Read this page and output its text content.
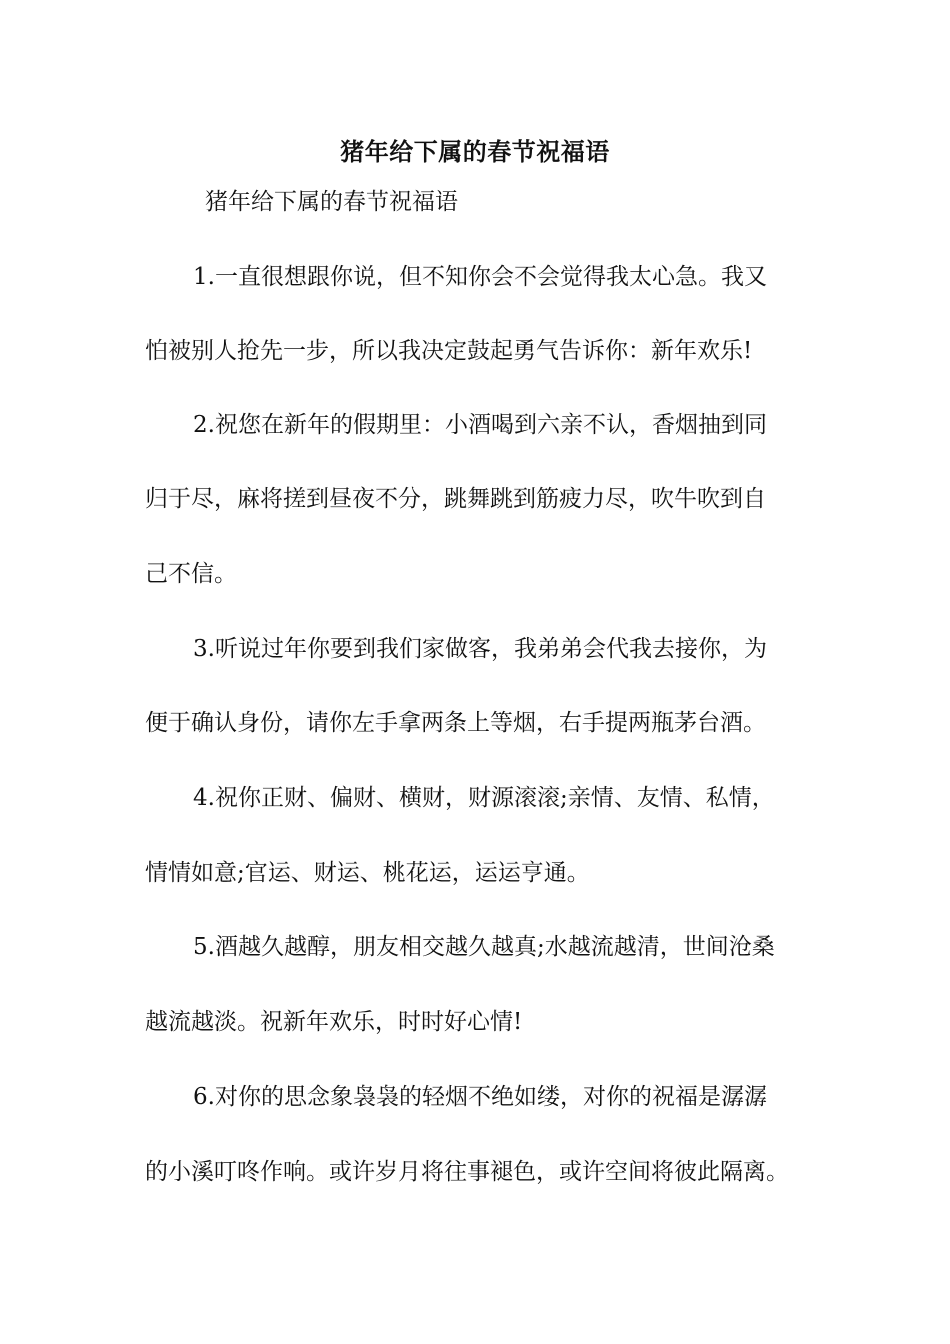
猪年给下属的春节祝福语
猪年给下属的春节祝福语
1.一直很想跟你说，但不知你会不会觉得我太心急。我又
怕被别人抢先一步，所以我决定鼓起勇气告诉你：新年欢乐!
2.祝您在新年的假期里：小酒喝到六亲不认，香烟抽到同
归于尽，麻将搓到昼夜不分，跳舞跳到筋疲力尽，吹牛吹到自
己不信。
3.听说过年你要到我们家做客，我弟弟会代我去接你，为
便于确认身份，请你左手拿两条上等烟，右手提两瓶茅台酒。
4.祝你正财、偏财、横财，财源滚滚;亲情、友情、私情，
情情如意;官运、财运、桃花运，运运亨通。
5.酒越久越醇，朋友相交越久越真;水越流越清，世间沧桑
越流越淡。祝新年欢乐，时时好心情!
6.对你的思念象袅袅的轻烟不绝如缕，对你的祝福是潺潺
的小溪叮咚作响。或许岁月将往事褪色，或许空间将彼此隔离。
